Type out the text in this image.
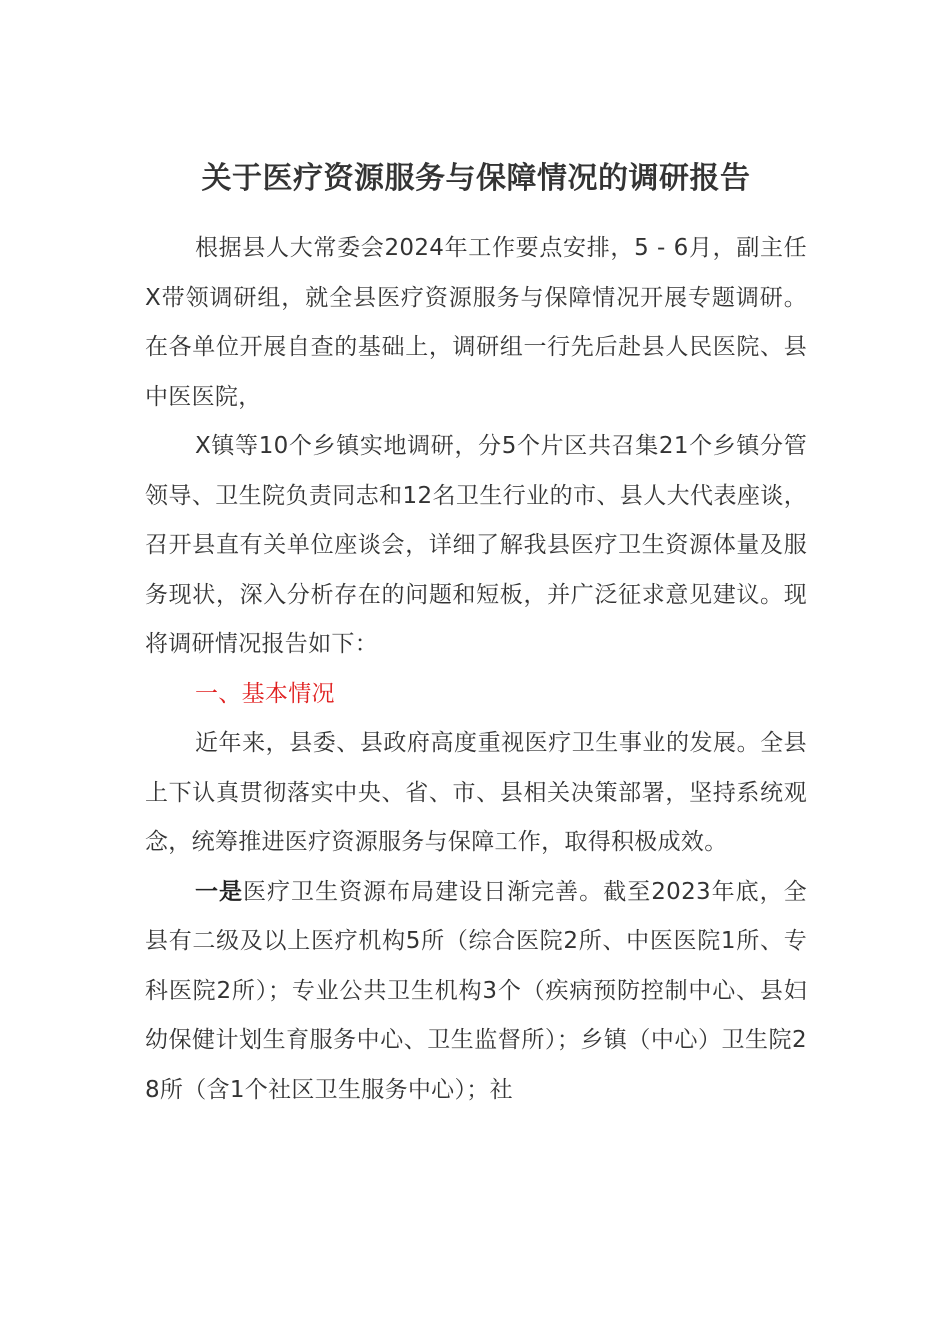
关于医疗资源服务与保障情况的调研报告

根据县人大常委会2024年工作要点安排，5 - 6月，副主任X带领调研组，就全县医疗资源服务与保障情况开展专题调研。在各单位开展自查的基础上，调研组一行先后赴县人民医院、县中医医院，

X镇等10个乡镇实地调研，分5个片区共召集21个乡镇分管领导、卫生院负责同志和12名卫生行业的市、县人大代表座谈，召开县直有关单位座谈会，详细了解我县医疗卫生资源体量及服务现状，深入分析存在的问题和短板，并广泛征求意见建议。现将调研情况报告如下：

一、基本情况

近年来，县委、县政府高度重视医疗卫生事业的发展。全县上下认真贯彻落实中央、省、市、县相关决策部署，坚持系统观念，统筹推进医疗资源服务与保障工作，取得积极成效。

一是医疗卫生资源布局建设日渐完善。截至2023年底，全县有二级及以上医疗机构5所（综合医院2所、中医医院1所、专科医院2所）；专业公共卫生机构3个（疾病预防控制中心、县妇幼保健计划生育服务中心、卫生监督所）；乡镇（中心）卫生院28所（含1个社区卫生服务中心）；社
